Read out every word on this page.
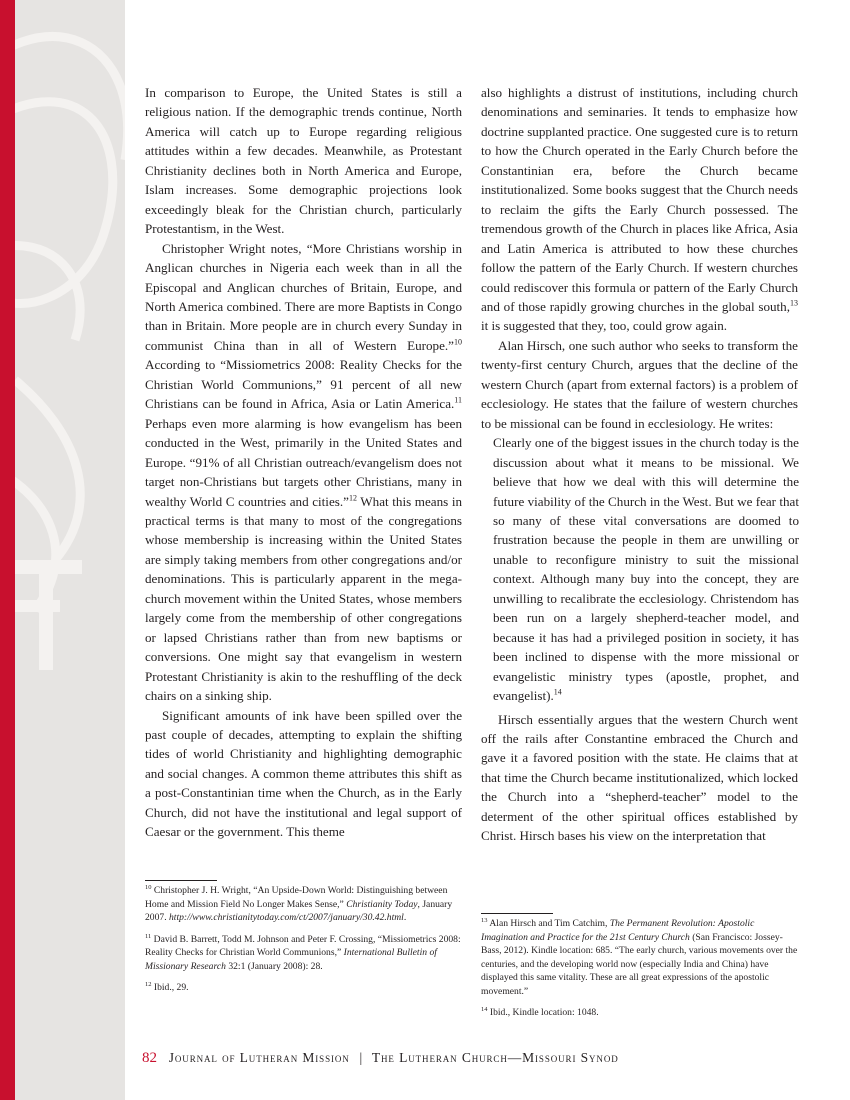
In comparison to Europe, the United States is still a religious nation. If the demographic trends continue, North America will catch up to Europe regarding religious attitudes within a few decades. Meanwhile, as Protestant Christianity declines both in North America and Europe, Islam increases. Some demographic projections look exceedingly bleak for the Christian church, particularly Protestantism, in the West.

Christopher Wright notes, “More Christians worship in Anglican churches in Nigeria each week than in all the Episcopal and Anglican churches of Britain, Europe, and North America combined. There are more Baptists in Congo than in Britain. More people are in church every Sunday in communist China than in all of Western Europe.”$^{10}$ According to “Missiometrics 2008: Reality Checks for the Christian World Communions,” 91 percent of all new Christians can be found in Africa, Asia or Latin America.$^{11}$ Perhaps even more alarming is how evangelism has been conducted in the West, primarily in the United States and Europe. “91% of all Christian outreach/evangelism does not target non-Christians but targets other Christians, many in wealthy World C countries and cities.”$^{12}$ What this means in practical terms is that many to most of the congregations whose membership is increasing within the United States are simply taking members from other congregations and/or denominations. This is particularly apparent in the mega-church movement within the United States, whose members largely come from the membership of other congregations or lapsed Christians rather than from new baptisms or conversions. One might say that evangelism in western Protestant Christianity is akin to the reshuffling of the deck chairs on a sinking ship.

Significant amounts of ink have been spilled over the past couple of decades, attempting to explain the shifting tides of world Christianity and highlighting demographic and social changes. A common theme attributes this shift as a post-Constantinian time when the Church, as in the Early Church, did not have the institutional and legal support of Caesar or the government. This theme

also highlights a distrust of institutions, including church denominations and seminaries. It tends to emphasize how doctrine supplanted practice. One suggested cure is to return to how the Church operated in the Early Church before the Constantinian era, before the Church became institutionalized. Some books suggest that the Church needs to reclaim the gifts the Early Church possessed. The tremendous growth of the Church in places like Africa, Asia and Latin America is attributed to how these churches follow the pattern of the Early Church. If western churches could rediscover this formula or pattern of the Early Church and of those rapidly growing churches in the global south,$^{13}$ it is suggested that they, too, could grow again.

Alan Hirsch, one such author who seeks to transform the twenty-first century Church, argues that the decline of the western Church (apart from external factors) is a problem of ecclesiology. He states that the failure of western churches to be missional can be found in ecclesiology. He writes:

Clearly one of the biggest issues in the church today is the discussion about what it means to be missional. We believe that how we deal with this will determine the future viability of the Church in the West. But we fear that so many of these vital conversations are doomed to frustration because the people in them are unwilling or unable to reconfigure ministry to suit the missional context. Although many buy into the concept, they are unwilling to recalibrate the ecclesiology. Christendom has been run on a largely shepherd-teacher model, and because it has had a privileged position in society, it has been inclined to dispense with the more missional or evangelistic ministry types (apostle, prophet, and evangelist).$^{14}$

Hirsch essentially argues that the western Church went off the rails after Constantine embraced the Church and gave it a favored position with the state. He claims that at that time the Church became institutionalized, which locked the Church into a “shepherd-teacher” model to the determent of the other spiritual offices established by Christ. Hirsch bases his view on the interpretation that

$^{10}$ Christopher J. H. Wright, “An Upside-Down World: Distinguishing between Home and Mission Field No Longer Makes Sense,” Christianity Today, January 2007. http://www.christianitytoday.com/ct/2007/january/30.42.html.

$^{11}$ David B. Barrett, Todd M. Johnson and Peter F. Crossing, “Missiometrics 2008: Reality Checks for Christian World Communions,” International Bulletin of Missionary Research 32:1 (January 2008): 28.

$^{12}$ Ibid., 29.

$^{13}$ Alan Hirsch and Tim Catchim, The Permanent Revolution: Apostolic Imagination and Practice for the 21st Century Church (San Francisco: Jossey-Bass, 2012). Kindle location: 685. “The early church, various movements over the centuries, and the developing world now (especially India and China) have displayed this same vitality. These are all great expressions of the apostolic movement.”

$^{14}$ Ibid., Kindle location: 1048.

82 Journal of Lutheran Mission | The Lutheran Church—Missouri Synod
